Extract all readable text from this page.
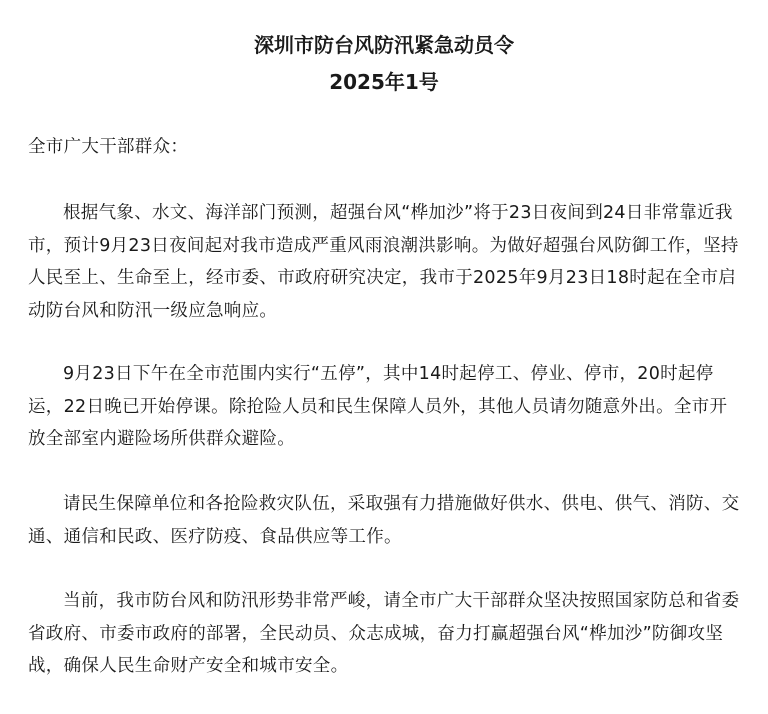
深圳市防台风防汛紧急动员令
2025年1号

全市广大干部群众：

根据气象、水文、海洋部门预测，超强台风“桦加沙”将于23日夜间到24日非常靠近我市，预计9月23日夜间起对我市造成严重风雨浪潮洪影响。为做好超强台风防御工作，坚持人民至上、生命至上，经市委、市政府研究决定，我市于2025年9月23日18时起在全市启动防台风和防汛一级应急响应。

9月23日下午在全市范围内实行“五停”，其中14时起停工、停业、停市，20时起停运，22日晚已开始停课。除抢险人员和民生保障人员外，其他人员请勿随意外出。全市开放全部室内避险场所供群众避险。

请民生保障单位和各抢险救灾队伍，采取强有力措施做好供水、供电、供气、消防、交通、通信和民政、医疗防疫、食品供应等工作。

当前，我市防台风和防汛形势非常严峻，请全市广大干部群众坚决按照国家防总和省委省政府、市委市政府的部署，全民动员、众志成城，奋力打赢超强台风“桦加沙”防御攻坚战，确保人民生命财产安全和城市安全。
